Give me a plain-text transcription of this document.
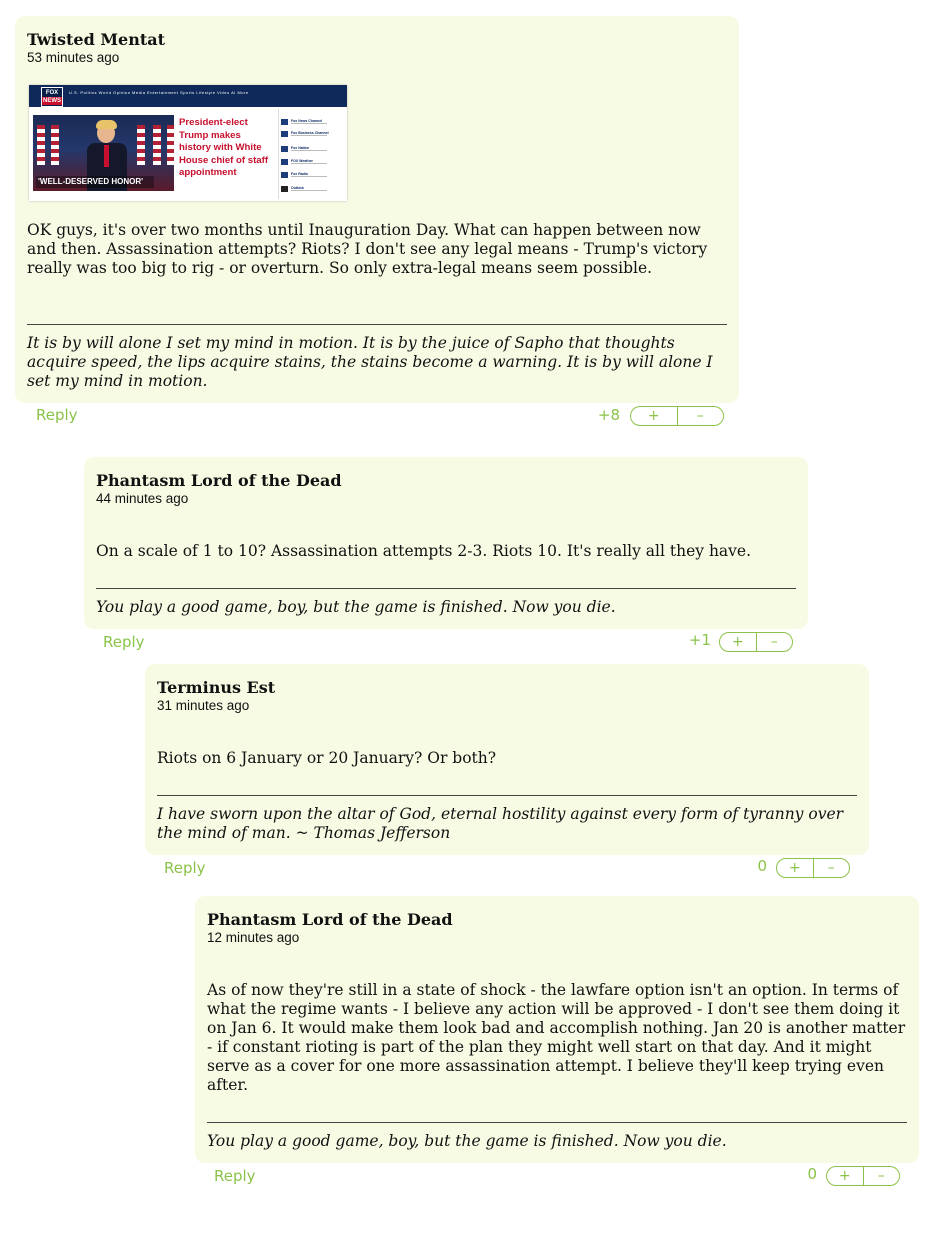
Twisted Mentat
53 minutes ago
FOX
NEWS
U.S. Politics World Opinion Media Entertainment Sports Lifestyle Video AI More
'WELL-DESERVED HONOR'
President-elect Trump makes history with White House chief of staff appointment
Fox News Channel
Fox Business Channel
Fox Nation
FOX Weather
Fox Radio
Outkick

OK guys, it's over two months until Inauguration Day. What can happen between now and then. Assassination attempts? Riots? I don't see any legal means - Trump's victory really was too big to rig - or overturn. So only extra-legal means seem possible.

It is by will alone I set my mind in motion. It is by the juice of Sapho that thoughts acquire speed, the lips acquire stains, the stains become a warning. It is by will alone I set my mind in motion.

Reply	+8	+	–
Phantasm Lord of the Dead
44 minutes ago

On a scale of 1 to 10? Assassination attempts 2-3. Riots 10. It's really all they have.

You play a good game, boy, but the game is finished. Now you die.

Reply	+1	+	–
Terminus Est
31 minutes ago

Riots on 6 January or 20 January? Or both?

I have sworn upon the altar of God, eternal hostility against every form of tyranny over the mind of man. ~ Thomas Jefferson

Reply	0	+	–
Phantasm Lord of the Dead
12 minutes ago

As of now they're still in a state of shock - the lawfare option isn't an option. In terms of what the regime wants - I believe any action will be approved - I don't see them doing it on Jan 6. It would make them look bad and accomplish nothing. Jan 20 is another matter - if constant rioting is part of the plan they might well start on that day. And it might serve as a cover for one more assassination attempt. I believe they'll keep trying even after.

You play a good game, boy, but the game is finished. Now you die.

Reply	0	+	–
